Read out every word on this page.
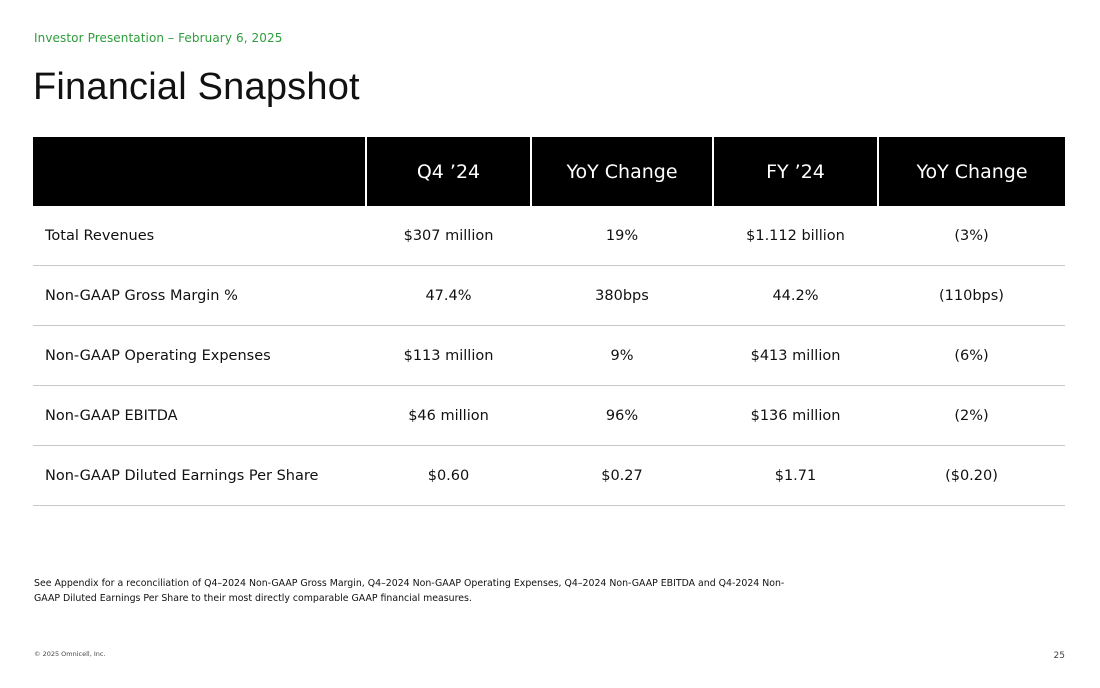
Investor Presentation – February 6, 2025
Financial Snapshot
	Q4 ’24	YoY Change	FY ’24	YoY Change
Total Revenues	$307 million	19%	$1.112 billion	(3%)
Non-GAAP Gross Margin %	47.4%	380bps	44.2%	(110bps)
Non-GAAP Operating Expenses	$113 million	9%	$413 million	(6%)
Non-GAAP EBITDA	$46 million	96%	$136 million	(2%)
Non-GAAP Diluted Earnings Per Share	$0.60	$0.27	$1.71	($0.20)
See Appendix for a reconciliation of Q4–2024 Non-GAAP Gross Margin, Q4–2024 Non-GAAP Operating Expenses, Q4–2024 Non-GAAP EBITDA and Q4-2024 Non-GAAP Diluted Earnings Per Share to their most directly comparable GAAP financial measures.
© 2025 Omnicell, Inc.	25
